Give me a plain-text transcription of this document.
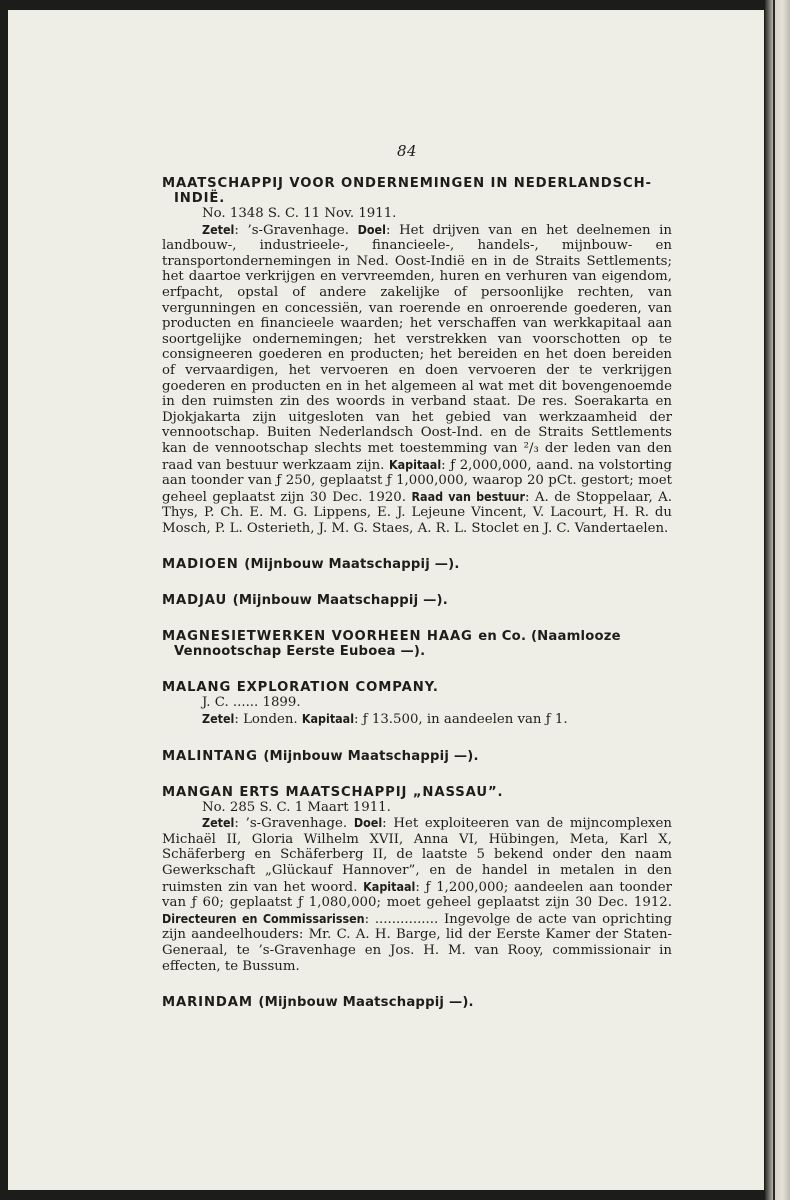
84

MAATSCHAPPIJ VOOR ONDERNEMINGEN IN NEDERLANDSCH-INDIË.

No. 1348 S. C. 11 Nov. 1911.

Zetel: ’s-Gravenhage. Doel: Het drijven van en het deelnemen in landbouw-, industrieele-, financieele-, handels-, mijnbouw- en transportondernemingen in Ned. Oost-Indië en in de Straits Settlements; het daartoe verkrijgen en vervreemden, huren en verhuren van eigendom, erfpacht, opstal of andere zakelijke of persoonlijke rechten, van vergunningen en concessiën, van roerende en onroerende goederen, van producten en financieele waarden; het verschaffen van werkkapitaal aan soortgelijke ondernemingen; het verstrekken van voorschotten op te consigneeren goederen en producten; het bereiden en het doen bereiden of vervaardigen, het vervoeren en doen vervoeren der te verkrijgen goederen en producten en in het algemeen al wat met dit bovengenoemde in den ruimsten zin des woords in verband staat. De res. Soerakarta en Djokjakarta zijn uitgesloten van het gebied van werkzaamheid der vennootschap. Buiten Nederlandsch Oost-Ind. en de Straits Settlements kan de vennootschap slechts met toestemming van ²/₃ der leden van den raad van bestuur werkzaam zijn. Kapitaal: ƒ 2,000,000, aand. na volstorting aan toonder van ƒ 250, geplaatst ƒ 1,000,000, waarop 20 pCt. gestort; moet geheel geplaatst zijn 30 Dec. 1920. Raad van bestuur: A. de Stoppelaar, A. Thys, P. Ch. E. M. G. Lippens, E. J. Lejeune Vincent, V. Lacourt, H. R. du Mosch, P. L. Osterieth, J. M. G. Staes, A. R. L. Stoclet en J. C. Vandertaelen.

MADIOEN (Mijnbouw Maatschappij —).

MADJAU (Mijnbouw Maatschappij —).

MAGNESIETWERKEN VOORHEEN HAAG en Co. (Naamlooze Vennootschap Eerste Euboea —).

MALANG EXPLORATION COMPANY.

J. C. ...... 1899.

Zetel: Londen. Kapitaal: ƒ 13.500, in aandeelen van ƒ 1.

MALINTANG (Mijnbouw Maatschappij —).

MANGAN ERTS MAATSCHAPPIJ „NASSAU”.

No. 285 S. C. 1 Maart 1911.

Zetel: ’s-Gravenhage. Doel: Het exploiteeren van de mijncomplexen Michaël II, Gloria Wilhelm XVII, Anna VI, Hübingen, Meta, Karl X, Schäferberg en Schäferberg II, de laatste 5 bekend onder den naam Gewerkschaft „Glückauf Hannover”, en de handel in metalen in den ruimsten zin van het woord. Kapitaal: ƒ 1,200,000; aandeelen aan toonder van ƒ 60; geplaatst ƒ 1,080,000; moet geheel geplaatst zijn 30 Dec. 1912. Directeuren en Commissarissen: ............... Ingevolge de acte van oprichting zijn aandeelhouders: Mr. C. A. H. Barge, lid der Eerste Kamer der Staten-Generaal, te ’s-Gravenhage en Jos. H. M. van Rooy, commissionair in effecten, te Bussum.

MARINDAM (Mijnbouw Maatschappij —).
